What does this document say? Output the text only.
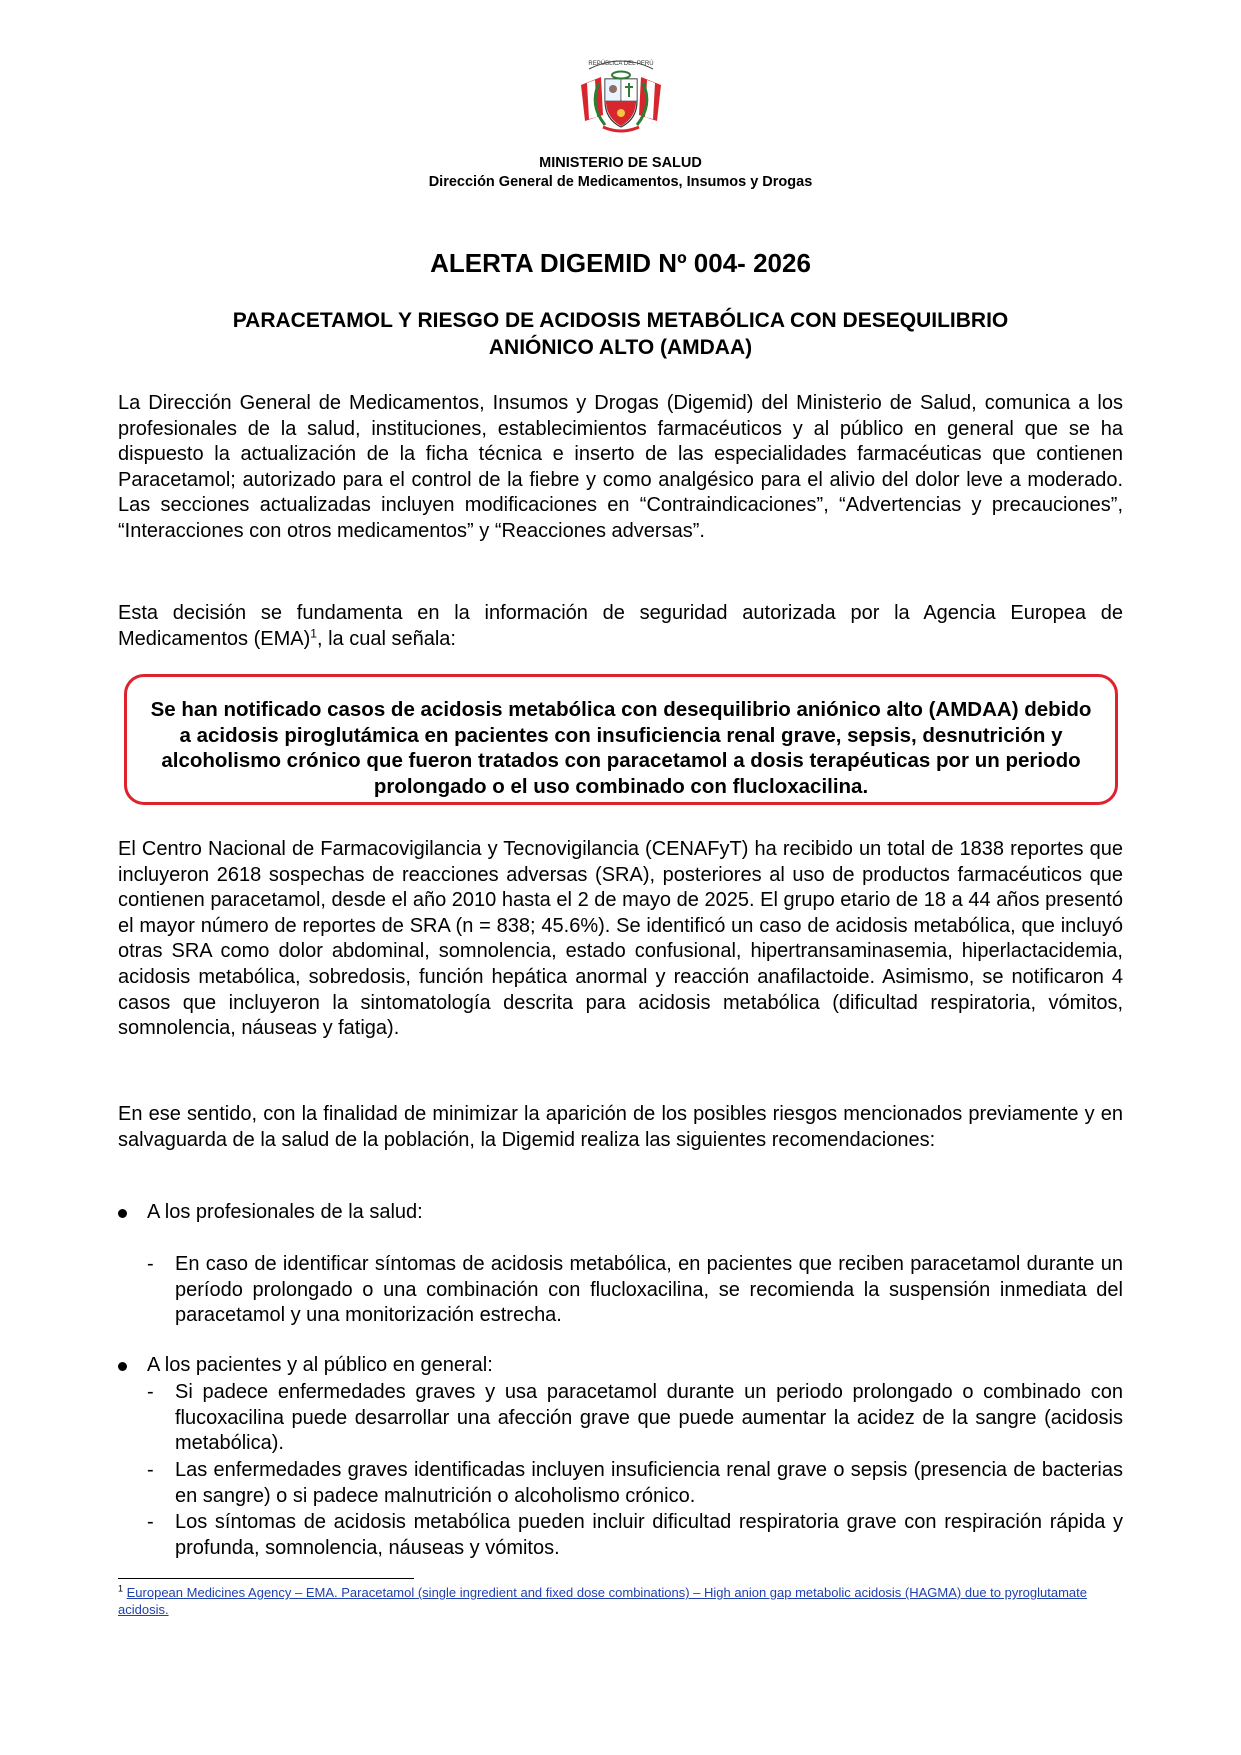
REPÚBLICA DEL PERÚ
MINISTERIO DE SALUD
Dirección General de Medicamentos, Insumos y Drogas
ALERTA DIGEMID Nº 004- 2026
PARACETAMOL Y RIESGO DE ACIDOSIS METABÓLICA CON DESEQUILIBRIO
ANIÓNICO ALTO (AMDAA)
La Dirección General de Medicamentos, Insumos y Drogas (Digemid) del Ministerio de Salud, comunica a los profesionales de la salud, instituciones, establecimientos farmacéuticos y al público en general que se ha dispuesto la actualización de la ficha técnica e inserto de las especialidades farmacéuticas que contienen Paracetamol; autorizado para el control de la fiebre y como analgésico para el alivio del dolor leve a moderado. Las secciones actualizadas incluyen modificaciones en “Contraindicaciones”, “Advertencias y precauciones”, “Interacciones con otros medicamentos” y “Reacciones adversas”.
Esta decisión se fundamenta en la información de seguridad autorizada por la Agencia Europea de Medicamentos (EMA)$^1$, la cual señala:
Se han notificado casos de acidosis metabólica con desequilibrio aniónico alto (AMDAA) debido a acidosis piroglutámica en pacientes con insuficiencia renal grave, sepsis, desnutrición y alcoholismo crónico que fueron tratados con paracetamol a dosis terapéuticas por un periodo prolongado o el uso combinado con flucloxacilina.
El Centro Nacional de Farmacovigilancia y Tecnovigilancia (CENAFyT) ha recibido un total de 1838 reportes que incluyeron 2618 sospechas de reacciones adversas (SRA), posteriores al uso de productos farmacéuticos que contienen paracetamol, desde el año 2010 hasta el 2 de mayo de 2025. El grupo etario de 18 a 44 años presentó el mayor número de reportes de SRA (n = 838; 45.6%). Se identificó un caso de acidosis metabólica, que incluyó otras SRA como dolor abdominal, somnolencia, estado confusional, hipertransaminasemia, hiperlactacidemia, acidosis metabólica, sobredosis, función hepática anormal y reacción anafilactoide. Asimismo, se notificaron 4 casos que incluyeron la sintomatología descrita para acidosis metabólica (dificultad respiratoria, vómitos, somnolencia, náuseas y fatiga).
En ese sentido, con la finalidad de minimizar la aparición de los posibles riesgos mencionados previamente y en salvaguarda de la salud de la población, la Digemid realiza las siguientes recomendaciones:
A los profesionales de la salud:
- En caso de identificar síntomas de acidosis metabólica, en pacientes que reciben paracetamol durante un período prolongado o una combinación con flucloxacilina, se recomienda la suspensión inmediata del paracetamol y una monitorización estrecha.
A los pacientes y al público en general:
- Si padece enfermedades graves y usa paracetamol durante un periodo prolongado o combinado con flucoxacilina puede desarrollar una afección grave que puede aumentar la acidez de la sangre (acidosis metabólica).
- Las enfermedades graves identificadas incluyen insuficiencia renal grave o sepsis (presencia de bacterias en sangre) o si padece malnutrición o alcoholismo crónico.
- Los síntomas de acidosis metabólica pueden incluir dificultad respiratoria grave con respiración rápida y profunda, somnolencia, náuseas y vómitos.
$^1$ European Medicines Agency – EMA. Paracetamol (single ingredient and fixed dose combinations) – High anion gap metabolic acidosis (HAGMA) due to pyroglutamate acidosis.
